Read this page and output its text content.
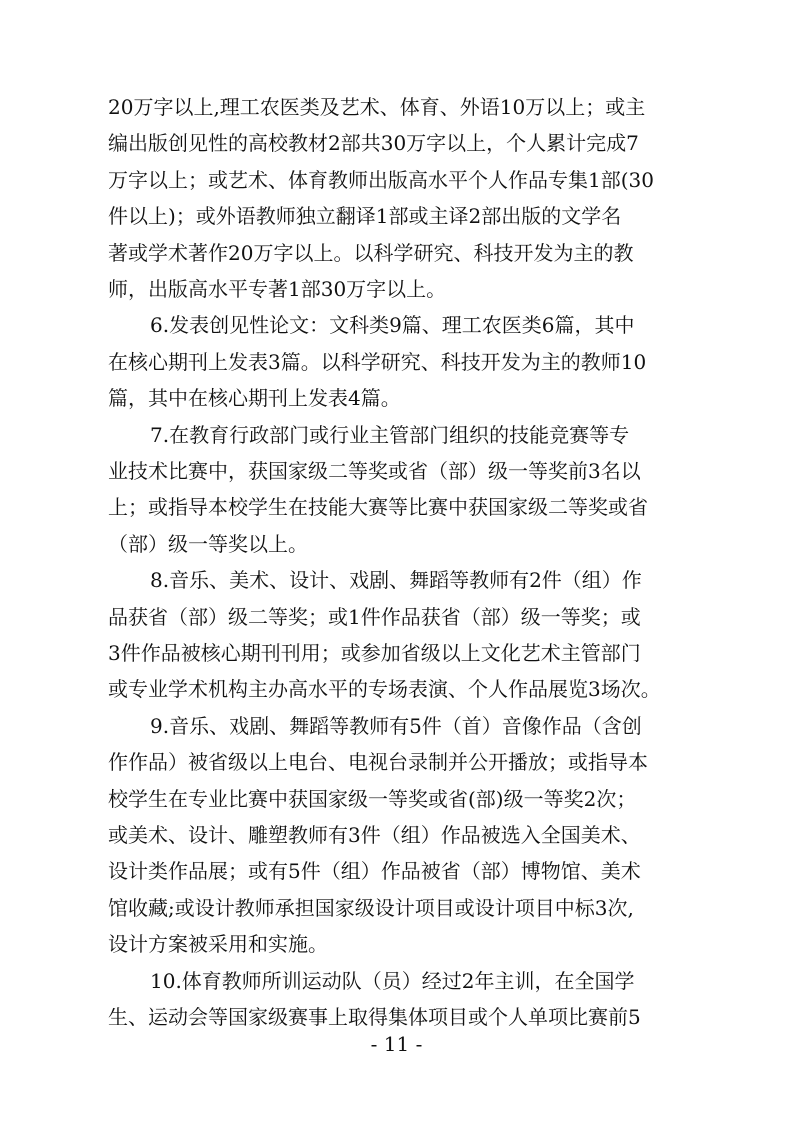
20万字以上,理工农医类及艺术、体育、外语10万以上；或主
编出版创见性的高校教材2部共30万字以上，个人累计完成7
万字以上；或艺术、体育教师出版高水平个人作品专集1部(30
件以上)；或外语教师独立翻译1部或主译2部出版的文学名
著或学术著作20万字以上。以科学研究、科技开发为主的教
师，出版高水平专著1部30万字以上。
6.发表创见性论文：文科类9篇、理工农医类6篇，其中
在核心期刊上发表3篇。以科学研究、科技开发为主的教师10
篇，其中在核心期刊上发表4篇。
7.在教育行政部门或行业主管部门组织的技能竞赛等专
业技术比赛中，获国家级二等奖或省（部）级一等奖前3名以
上；或指导本校学生在技能大赛等比赛中获国家级二等奖或省
（部）级一等奖以上。
8.音乐、美术、设计、戏剧、舞蹈等教师有2件（组）作
品获省（部）级二等奖；或1件作品获省（部）级一等奖；或
3件作品被核心期刊刊用；或参加省级以上文化艺术主管部门
或专业学术机构主办高水平的专场表演、个人作品展览3场次。
9.音乐、戏剧、舞蹈等教师有5件（首）音像作品（含创
作作品）被省级以上电台、电视台录制并公开播放；或指导本
校学生在专业比赛中获国家级一等奖或省(部)级一等奖2次；
或美术、设计、雕塑教师有3件（组）作品被选入全国美术、
设计类作品展；或有5件（组）作品被省（部）博物馆、美术
馆收藏;或设计教师承担国家级设计项目或设计项目中标3次,
设计方案被采用和实施。
10.体育教师所训运动队（员）经过2年主训，在全国学
生、运动会等国家级赛事上取得集体项目或个人单项比赛前5
- 11 -
